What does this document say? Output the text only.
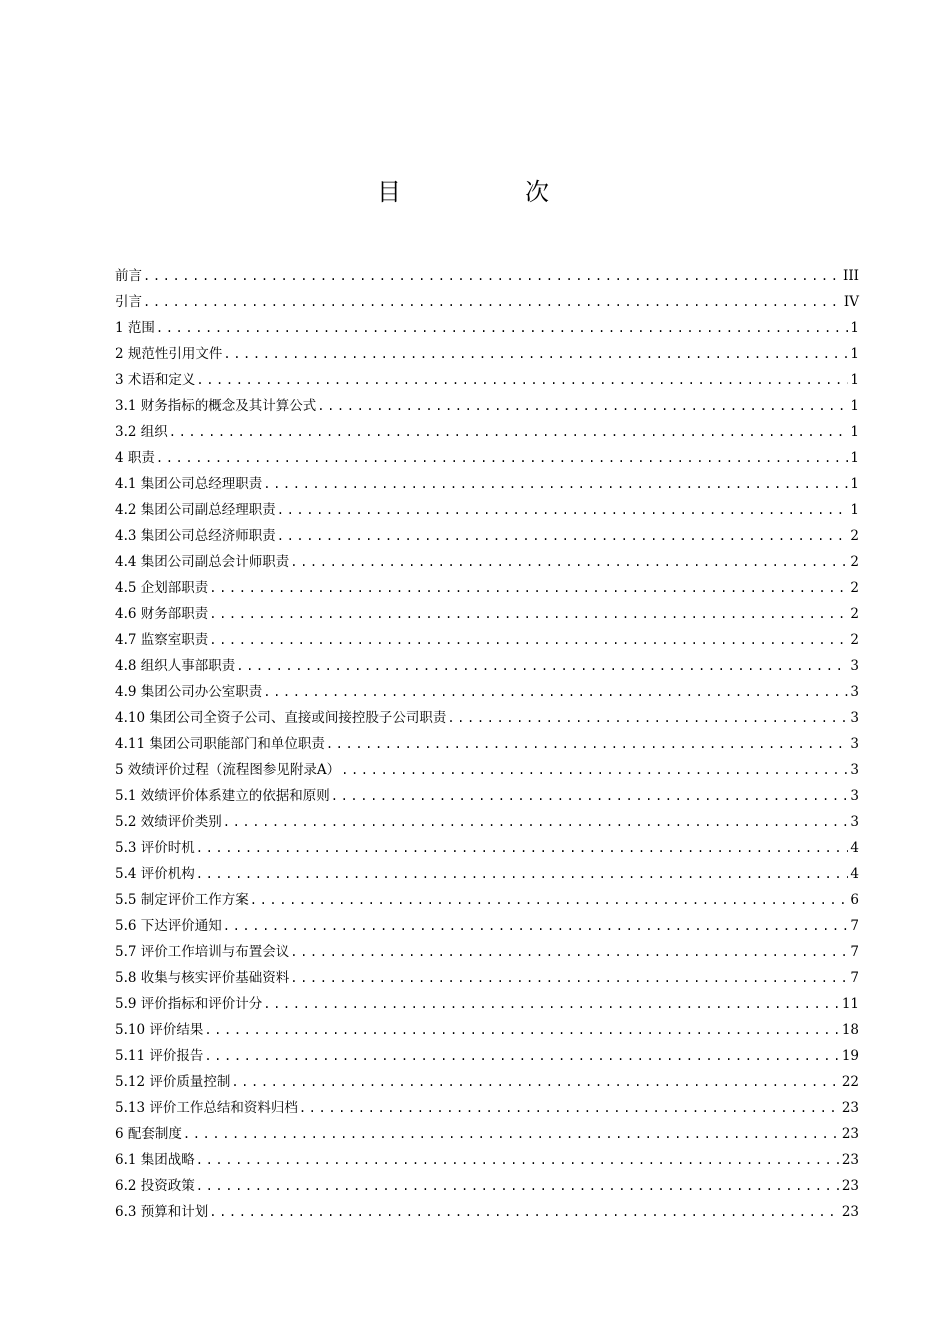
目　次
前言 .....	III
引言 .....	IV
1 范围 .....	1
2 规范性引用文件 .....	1
3 术语和定义 .....	1
3.1 财务指标的概念及其计算公式 .....	1
3.2 组织 .....	1
4 职责 .....	1
4.1 集团公司总经理职责 .....	1
4.2 集团公司副总经理职责 .....	1
4.3 集团公司总经济师职责 .....	2
4.4 集团公司副总会计师职责 .....	2
4.5 企划部职责 .....	2
4.6 财务部职责 .....	2
4.7 监察室职责 .....	2
4.8 组织人事部职责 .....	3
4.9 集团公司办公室职责 .....	3
4.10 集团公司全资子公司、直接或间接控股子公司职责 .....	3
4.11 集团公司职能部门和单位职责 .....	3
5 效绩评价过程（流程图参见附录A） .....	3
5.1 效绩评价体系建立的依据和原则 .....	3
5.2 效绩评价类别 .....	3
5.3 评价时机 .....	4
5.4 评价机构 .....	4
5.5 制定评价工作方案 .....	6
5.6 下达评价通知 .....	7
5.7 评价工作培训与布置会议 .....	7
5.8 收集与核实评价基础资料 .....	7
5.9 评价指标和评价计分 .....	11
5.10 评价结果 .....	18
5.11 评价报告 .....	19
5.12 评价质量控制 .....	22
5.13 评价工作总结和资料归档 .....	23
6 配套制度 .....	23
6.1 集团战略 .....	23
6.2 投资政策 .....	23
6.3 预算和计划 .....	23
